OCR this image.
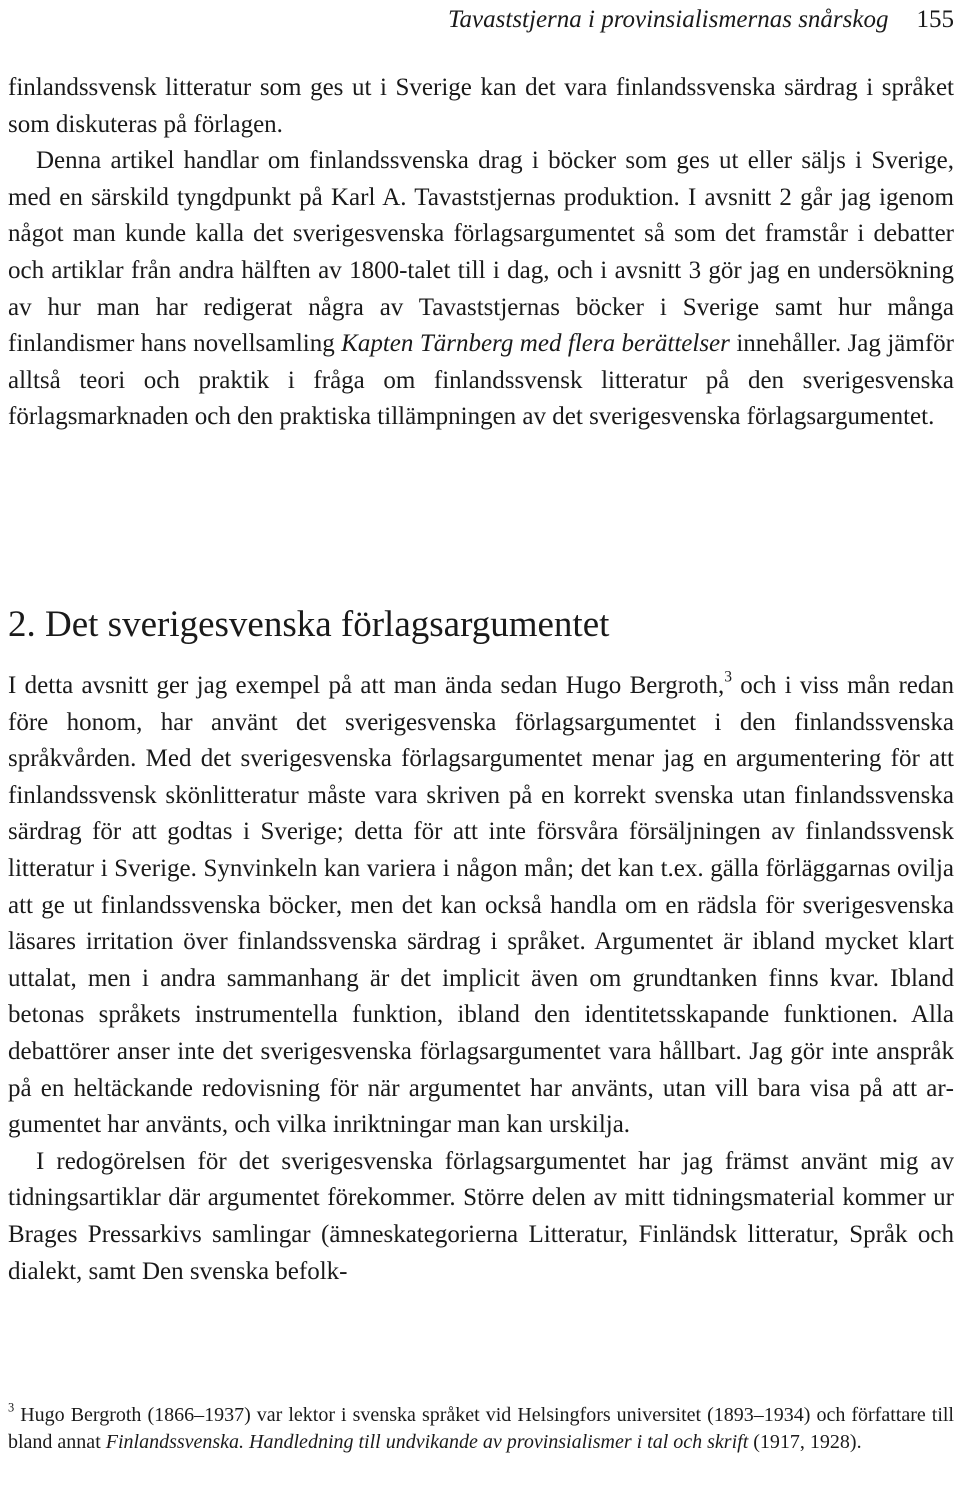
Tavaststjerna i provinsialismernas snårskog 155

finlandssvensk litteratur som ges ut i Sverige kan det vara finlandssvenska särdrag i språket som diskuteras på förlagen.

Denna artikel handlar om finlandssvenska drag i böcker som ges ut eller säljs i Sverige, med en särskild tyngdpunkt på Karl A. Tavaststjernas produktion. I avsnitt 2 går jag igenom något man kunde kalla det sverigesvenska förlagsargumentet så som det framstår i debatter och artiklar från andra hälften av 1800-talet till i dag, och i avsnitt 3 gör jag en undersökning av hur man har redigerat några av Tavaststjernas böcker i Sverige samt hur många finlandismer hans novellsamling Kapten Tärnberg med flera berättelser innehåller. Jag jämför alltså teori och praktik i fråga om finlandssvensk litteratur på den sverigesvenska förlagsmarknaden och den praktiska tillämpningen av det sverigesvenska förlagsargumentet.

2. Det sverigesvenska förlagsargumentet

I detta avsnitt ger jag exempel på att man ända sedan Hugo Bergroth,$^3$ och i viss mån redan före honom, har använt det sverigesvenska förlagsargumentet i den finlandssvenska språkvården. Med det sverigesvenska förlagsargumentet menar jag en argumentering för att finlandssvensk skönlitteratur måste vara skriven på en korrekt svenska utan finlandssvenska särdrag för att godtas i Sverige; detta för att inte försvåra försäljningen av finlandssvensk litteratur i Sverige. Synvinkeln kan variera i någon mån; det kan t.ex. gälla förläggarnas ovilja att ge ut finlandssvenska böcker, men det kan också handla om en rädsla för sverigesvenska läsares irritation över finlandssvenska särdrag i språket. Argumentet är ibland mycket klart uttalat, men i andra sammanhang är det implicit även om grundtanken finns kvar. Ibland betonas språkets instrumentella funktion, ibland den identitetsskapande funktionen. Alla debattörer anser inte det sverigesvenska förlagsargumentet vara hållbart. Jag gör inte anspråk på en heltäckande redovisning för när argumentet har använts, utan vill bara visa på att argumentet har använts, och vilka inriktningar man kan urskilja.

I redogörelsen för det sverigesvenska förlagsargumentet har jag främst använt mig av tidningsartiklar där argumentet förekommer. Större delen av mitt tidningsmaterial kommer ur Brages Pressarkivs samlingar (ämneskategorierna Litteratur, Finländsk litteratur, Språk och dialekt, samt Den svenska befolk-

$^3$ Hugo Bergroth (1866–1937) var lektor i svenska språket vid Helsingfors universitet (1893–1934) och författare till bland annat Finlandssvenska. Handledning till undvikande av provinsialismer i tal och skrift (1917, 1928).
